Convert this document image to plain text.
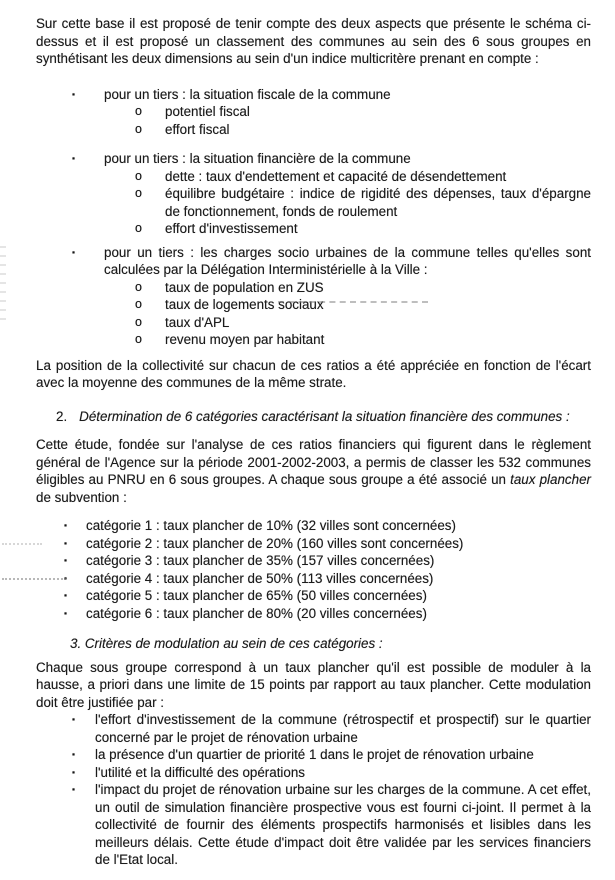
Sur cette base il est proposé de tenir compte des deux aspects que présente le schéma ci-dessus et il est proposé un classement des communes au sein des 6 sous groupes en synthétisant les deux dimensions au sein d'un indice multicritère prenant en compte :

▪	pour un tiers : la situation fiscale de la commune

o	potentiel fiscal

o	effort fiscal

▪	pour un tiers : la situation financière de la commune

o	dette : taux d'endettement et capacité de désendettement

o	équilibre budgétaire : indice de rigidité des dépenses, taux d'épargne de fonctionnement, fonds de roulement

o	effort d'investissement

▪	pour un tiers : les charges socio urbaines de la commune telles qu'elles sont calculées par la Délégation Interministérielle à la Ville :

o	taux de population en ZUS

o	taux de logements sociaux

o	taux d'APL

o	revenu moyen par habitant

La position de la collectivité sur chacun de ces ratios a été appréciée en fonction de l'écart avec la moyenne des communes de la même strate.

2. Détermination de 6 catégories caractérisant la situation financière des communes :

Cette étude, fondée sur l'analyse de ces ratios financiers qui figurent dans le règlement général de l'Agence sur la période 2001-2002-2003, a permis de classer les 532 communes éligibles au PNRU en 6 sous groupes. A chaque sous groupe a été associé un taux plancher de subvention :

▪	catégorie 1 : taux plancher de 10% (32 villes sont concernées)

▪	catégorie 2 : taux plancher de 20% (160 villes sont concernées)

▪	catégorie 3 : taux plancher de 35% (157 villes concernées)

▪	catégorie 4 : taux plancher de 50% (113 villes concernées)

▪	catégorie 5 : taux plancher de 65% (50 villes concernées)

▪	catégorie 6 : taux plancher de 80% (20 villes concernées)

3. Critères de modulation au sein de ces catégories :

Chaque sous groupe correspond à un taux plancher qu'il est possible de moduler à la hausse, a priori dans une limite de 15 points par rapport au taux plancher. Cette modulation doit être justifiée par :

▪	l'effort d'investissement de la commune (rétrospectif et prospectif) sur le quartier concerné par le projet de rénovation urbaine

▪	la présence d'un quartier de priorité 1 dans le projet de rénovation urbaine

▪	l'utilité et la difficulté des opérations

▪	l'impact du projet de rénovation urbaine sur les charges de la commune. A cet effet, un outil de simulation financière prospective vous est fourni ci-joint. Il permet à la collectivité de fournir des éléments prospectifs harmonisés et lisibles dans les meilleurs délais. Cette étude d'impact doit être validée par les services financiers de l'Etat local.
